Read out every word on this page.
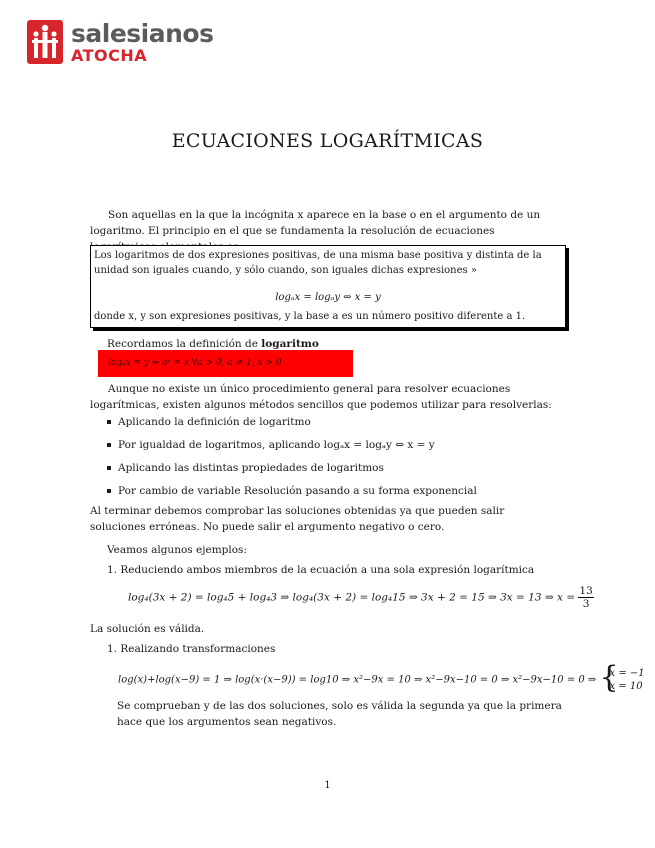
salesianos
ATOCHA
ECUACIONES LOGARÍTMICAS
Son aquellas en la que la incógnita x aparece en la base o en el argumento de un logaritmo. El principio en el que se fundamenta la resolución de ecuaciones
Los logaritmos de dos expresiones positivas, de una misma base positiva y distinta de la unidad son iguales cuando, y sólo cuando, son iguales dichas expresiones »
logₐx = logₐy ⇔ x = y
donde x, y son expresiones positivas, y la base a es un número positivo diferente a 1.
Recordamos la definición de logaritmo
logₐx = y ⇔ aʸ = x ∀a > 0, a ≠ 1, x > 0
Aunque no existe un único procedimiento general para resolver ecuaciones logarítmicas, existen algunos métodos sencillos que podemos utilizar para resolverlas:
Aplicando la definición de logaritmo
Por igualdad de logaritmos, aplicando logₐx = logₐy ⇔ x = y
Aplicando las distintas propiedades de logaritmos
Por cambio de variable Resolución pasando a su forma exponencial
Al terminar debemos comprobar las soluciones obtenidas ya que pueden salir soluciones erróneas. No puede salir el argumento negativo o cero.
Veamos algunos ejemplos:
1. Reduciendo ambos miembros de la ecuación a una sola expresión logarítmica
log₄(3x + 2) = log₄5 + log₄3 ⇒ log₄(3x + 2) = log₄15 ⇒ 3x + 2 = 15 ⇒ 3x = 13 ⇒ $x = \frac{13}{3}$
La solución es válida.
1. Realizando transformaciones
log(x)+log(x−9) = 1 ⇒ log(x·(x−9)) = log10 ⇒ x²−9x = 10 ⇒ x²−9x−10 = 0 ⇒ x²−9x−10 = 0 ⇒ {
x = −1
x = 10
Se comprueban y de las dos soluciones, solo es válida la segunda ya que la primera hace que los argumentos sean negativos.
1
